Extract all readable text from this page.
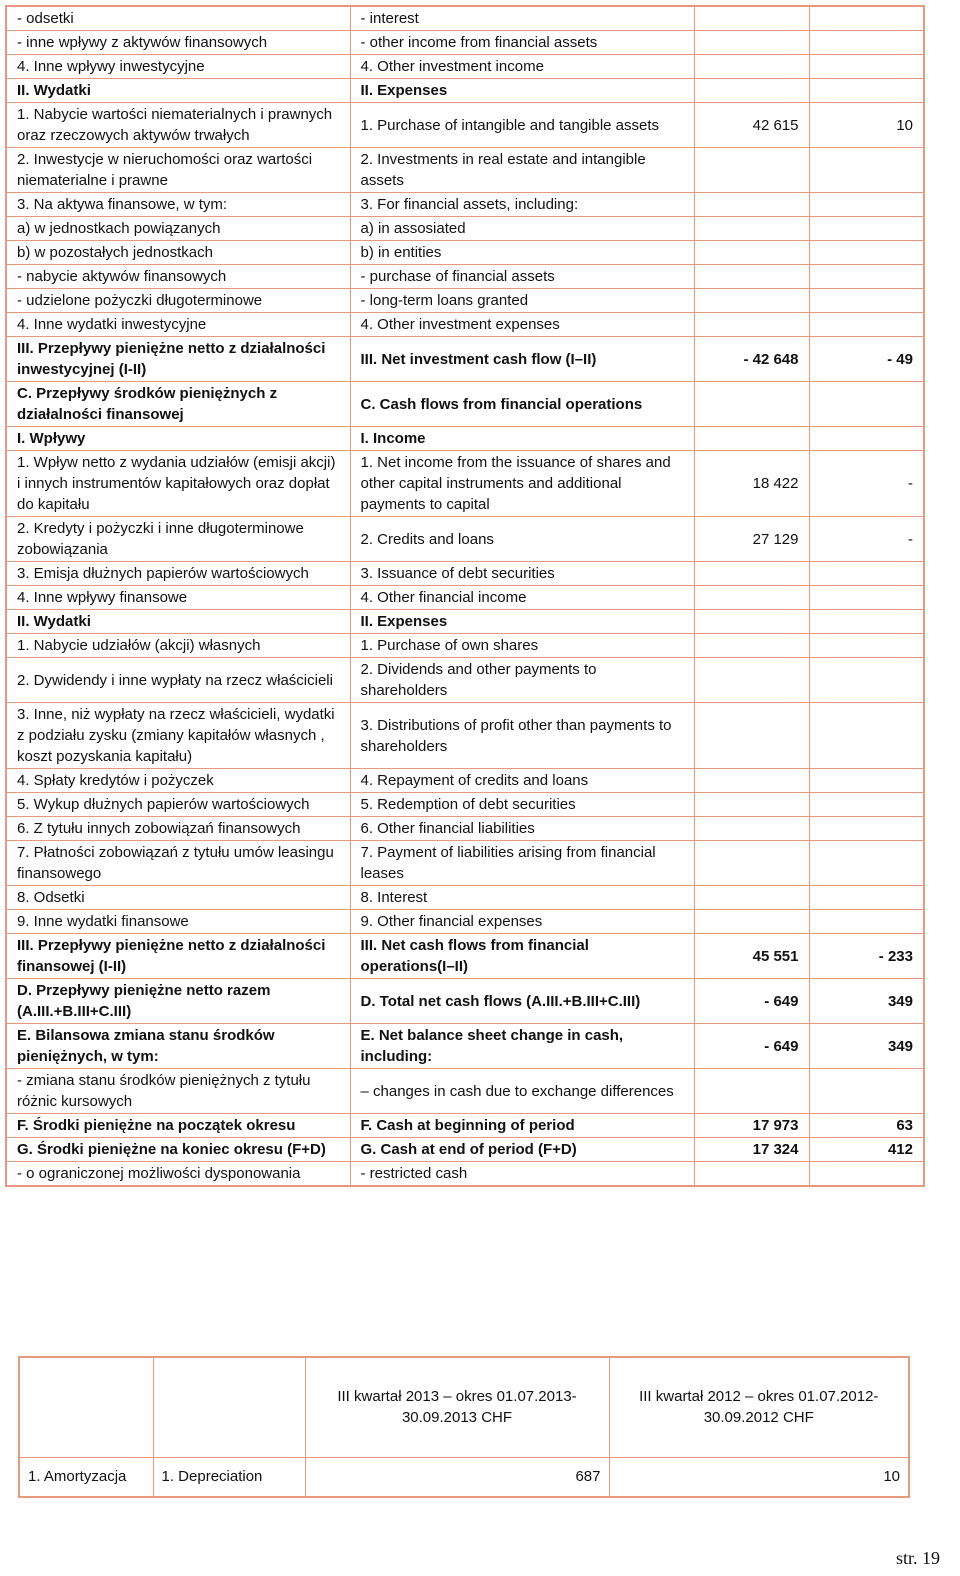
- odsetki	- interest		
- inne wpływy z aktywów finansowych	- other income from financial assets		
4. Inne wpływy inwestycyjne	4. Other investment income		
II. Wydatki	II. Expenses		
1. Nabycie wartości niematerialnych i prawnych oraz rzeczowych aktywów trwałych	1. Purchase of intangible and tangible assets	42 615	10
2. Inwestycje w nieruchomości oraz wartości niematerialne i prawne	2. Investments in real estate and intangible assets		
3. Na aktywa finansowe, w tym:	3. For financial assets, including:		
a) w jednostkach powiązanych	a) in assosiated		
b) w pozostałych jednostkach	b) in entities		
- nabycie aktywów finansowych	- purchase of financial assets		
- udzielone pożyczki długoterminowe	- long-term loans granted		
4. Inne wydatki inwestycyjne	4. Other investment expenses		
III. Przepływy pieniężne netto z działalności inwestycyjnej (I-II)	III. Net investment cash flow (I–II)	- 42 648	- 49
C. Przepływy środków pieniężnych z działalności finansowej	C. Cash flows from financial operations		
I. Wpływy	I. Income		
1. Wpływ netto z wydania udziałów (emisji akcji) i innych instrumentów kapitałowych oraz dopłat do kapitału	1. Net income from the issuance of shares and other capital instruments and additional payments to capital	18 422	-
2. Kredyty i pożyczki i inne długoterminowe zobowiązania	2. Credits and loans	27 129	-
3. Emisja dłużnych papierów wartościowych	3. Issuance of debt securities		
4. Inne wpływy finansowe	4. Other financial income		
II. Wydatki	II. Expenses		
1. Nabycie udziałów (akcji) własnych	1. Purchase of own shares		
2. Dywidendy i inne wypłaty na rzecz właścicieli	2. Dividends and other payments to shareholders		
3. Inne, niż wypłaty na rzecz właścicieli, wydatki z podziału zysku (zmiany kapitałów własnych , koszt pozyskania kapitału)	3. Distributions of profit other than payments to shareholders		
4. Spłaty kredytów i pożyczek	4. Repayment of credits and loans		
5. Wykup dłużnych papierów wartościowych	5. Redemption of debt securities		
6. Z tytułu innych zobowiązań finansowych	6. Other financial liabilities		
7. Płatności zobowiązań z tytułu umów leasingu finansowego	7. Payment of liabilities arising from financial leases		
8. Odsetki	8. Interest		
9. Inne wydatki finansowe	9. Other financial expenses		
III. Przepływy pieniężne netto z działalności finansowej (I-II)	III. Net cash flows from financial operations(I–II)	45 551	- 233
D. Przepływy pieniężne netto razem (A.III.+B.III+C.III)	D. Total net cash flows (A.III.+B.III+C.III)	- 649	349
E. Bilansowa zmiana stanu środków pieniężnych, w tym:	E. Net balance sheet change in cash, including:	- 649	349
- zmiana stanu środków pieniężnych z tytułu różnic kursowych	– changes in cash due to exchange differences		
F. Środki pieniężne na początek okresu	F. Cash at beginning of period	17 973	63
G. Środki pieniężne na koniec okresu (F+D)	G. Cash at end of period (F+D)	17 324	412
- o ograniczonej możliwości dysponowania	- restricted cash		
		III kwartał 2013 – okres 01.07.2013-30.09.2013 CHF	III kwartał 2012 – okres 01.07.2012-30.09.2012 CHF
1. Amortyzacja	1. Depreciation	687	10
str. 19
